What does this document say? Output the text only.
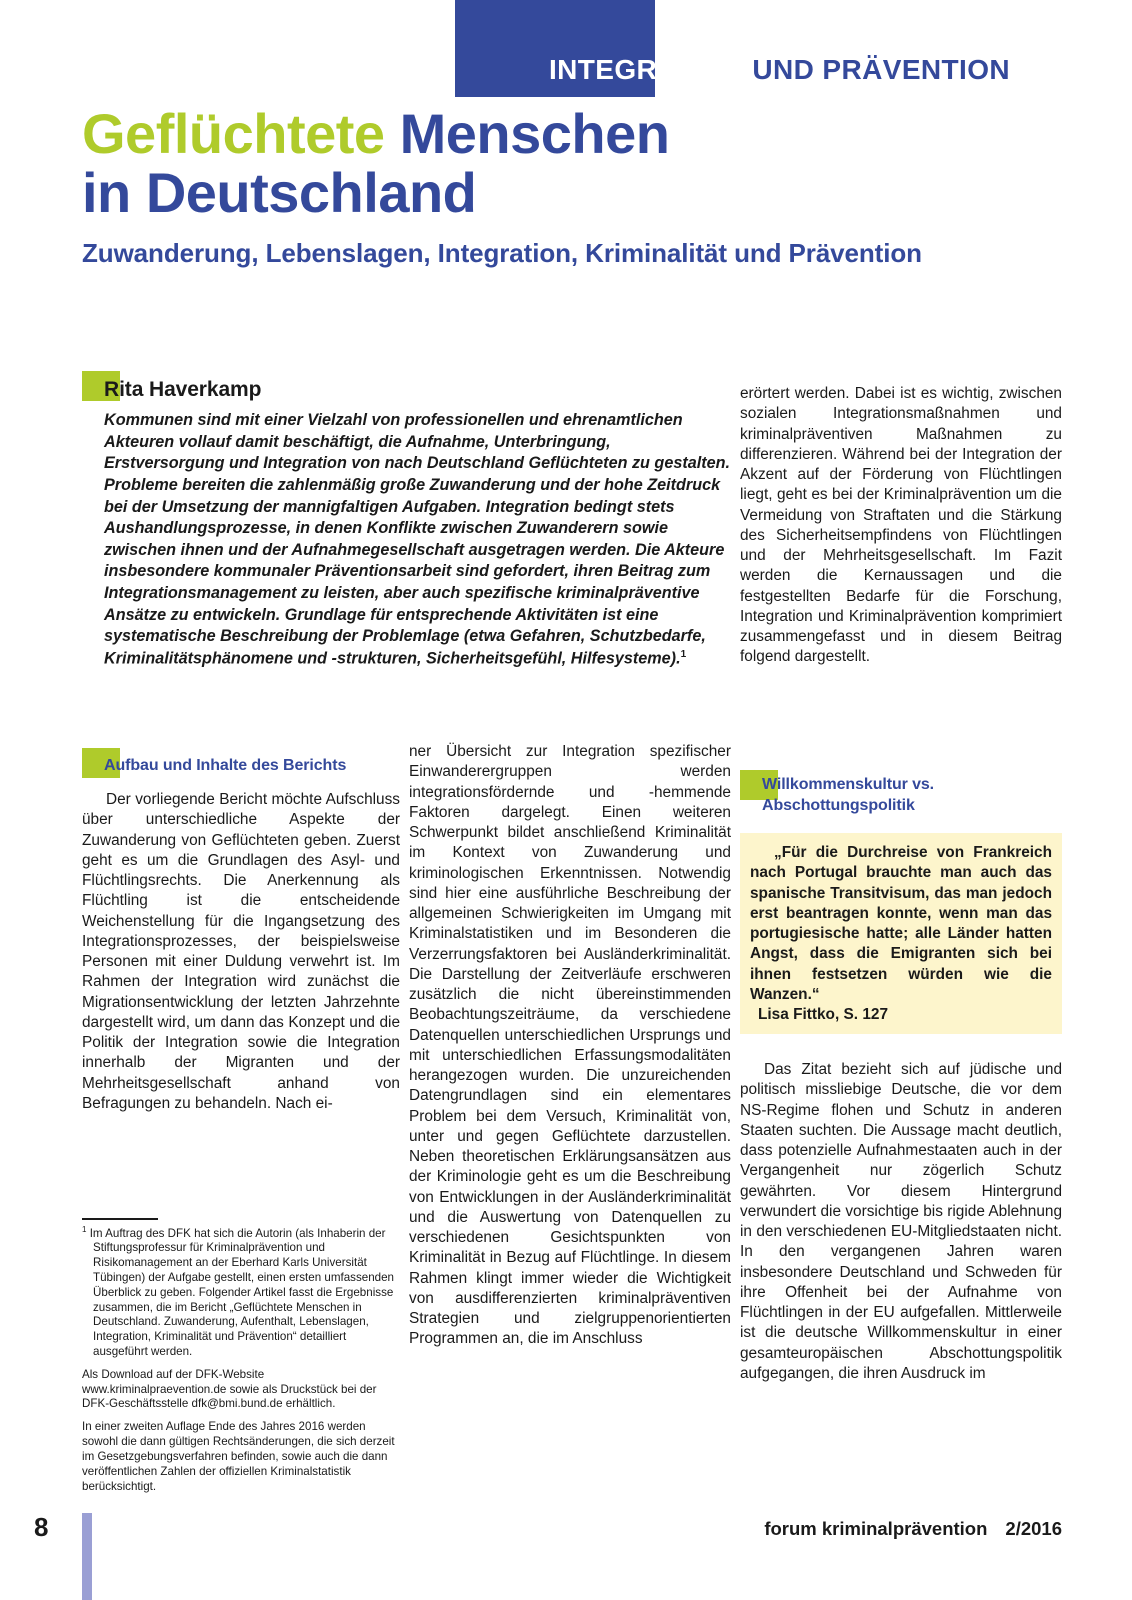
INTEGRATION UND PRÄVENTION
Geflüchtete Menschen
in Deutschland
Zuwanderung, Lebenslagen, Integration, Kriminalität und Prävention
Rita Haverkamp
Kommunen sind mit einer Vielzahl von professionellen und ehrenamtlichen Akteuren vollauf damit beschäftigt, die Aufnahme, Unterbringung, Erstversorgung und Integration von nach Deutschland Geflüchteten zu gestalten. Probleme bereiten die zahlenmäßig große Zuwanderung und der hohe Zeitdruck bei der Umsetzung der mannigfaltigen Aufgaben. Integration bedingt stets Aushandlungsprozesse, in denen Konflikte zwischen Zuwanderern sowie zwischen ihnen und der Aufnahmegesellschaft ausgetragen werden. Die Akteure insbesondere kommunaler Präventionsarbeit sind gefordert, ihren Beitrag zum Integrationsmanagement zu leisten, aber auch spezifische kriminalpräventive Ansätze zu entwickeln. Grundlage für entsprechende Aktivitäten ist eine systematische Beschreibung der Problemlage (etwa Gefahren, Schutzbedarfe, Kriminalitätsphänomene und -strukturen, Sicherheitsgefühl, Hilfesysteme).$^1$
Aufbau und Inhalte des Berichts

Der vorliegende Bericht möchte Aufschluss über unterschiedliche Aspekte der Zuwanderung von Geflüchteten geben. Zuerst geht es um die Grundlagen des Asyl- und Flüchtlingsrechts. Die Anerkennung als Flüchtling ist die entscheidende Weichenstellung für die Ingangsetzung des Integrationsprozesses, der beispielsweise Personen mit einer Duldung verwehrt ist. Im Rahmen der Integration wird zunächst die Migrationsentwicklung der letzten Jahrzehnte dargestellt wird, um dann das Konzept und die Politik der Integration sowie die Integration innerhalb der Migranten und der Mehrheitsgesellschaft anhand von Befragungen zu behandeln. Nach ei-

$^1$ Im Auftrag des DFK hat sich die Autorin (als Inhaberin der Stiftungsprofessur für Kriminalprävention und Risikomanagement an der Eberhard Karls Universität Tübingen) der Aufgabe gestellt, einen ersten umfassenden Überblick zu geben. Folgender Artikel fasst die Ergebnisse zusammen, die im Bericht „Geflüchtete Menschen in Deutschland. Zuwanderung, Aufenthalt, Lebenslagen, Integration, Kriminalität und Prävention“ detailliert ausgeführt werden.

Als Download auf der DFK-Website www.kriminalpraevention.de sowie als Druckstück bei der DFK-Geschäftsstelle dfk@bmi.bund.de erhältlich.

In einer zweiten Auflage Ende des Jahres 2016 werden sowohl die dann gültigen Rechtsänderungen, die sich derzeit im Gesetzgebungsverfahren befinden, sowie auch die dann veröffentlichen Zahlen der offiziellen Kriminalstatistik berücksichtigt.

ner Übersicht zur Integration spezifischer Einwanderergruppen werden integrationsfördernde und -hemmende Faktoren dargelegt. Einen weiteren Schwerpunkt bildet anschließend Kriminalität im Kontext von Zuwanderung und kriminologischen Erkenntnissen. Notwendig sind hier eine ausführliche Beschreibung der allgemeinen Schwierigkeiten im Umgang mit Kriminalstatistiken und im Besonderen die Verzerrungsfaktoren bei Ausländerkriminalität. Die Darstellung der Zeitverläufe erschweren zusätzlich die nicht übereinstimmenden Beobachtungszeiträume, da verschiedene Datenquellen unterschiedlichen Ursprungs und mit unterschiedlichen Erfassungsmodalitäten herangezogen wurden. Die unzureichenden Datengrundlagen sind ein elementares Problem bei dem Versuch, Kriminalität von, unter und gegen Geflüchtete darzustellen. Neben theoretischen Erklärungsansätzen aus der Kriminologie geht es um die Beschreibung von Entwicklungen in der Ausländerkriminalität und die Auswertung von Datenquellen zu verschiedenen Gesichtspunkten von Kriminalität in Bezug auf Flüchtlinge. In diesem Rahmen klingt immer wieder die Wichtigkeit von ausdifferenzierten kriminalpräventiven Strategien und zielgruppenorientierten Programmen an, die im Anschluss

erörtert werden. Dabei ist es wichtig, zwischen sozialen Integrationsmaßnahmen und kriminalpräventiven Maßnahmen zu differenzieren. Während bei der Integration der Akzent auf der Förderung von Flüchtlingen liegt, geht es bei der Kriminalprävention um die Vermeidung von Straftaten und die Stärkung des Sicherheitsempfindens von Flüchtlingen und der Mehrheitsgesellschaft. Im Fazit werden die Kernaussagen und die festgestellten Bedarfe für die Forschung, Integration und Kriminalprävention komprimiert zusammengefasst und in diesem Beitrag folgend dargestellt.

Willkommenskultur vs. Abschottungspolitik

„Für die Durchreise von Frankreich nach Portugal brauchte man auch das spanische Transitvisum, das man jedoch erst beantragen konnte, wenn man das portugiesische hatte; alle Länder hatten Angst, dass die Emigranten sich bei ihnen festsetzen würden wie die Wanzen.“

Lisa Fittko, S. 127

Das Zitat bezieht sich auf jüdische und politisch missliebige Deutsche, die vor dem NS-Regime flohen und Schutz in anderen Staaten suchten. Die Aussage macht deutlich, dass potenzielle Aufnahmestaaten auch in der Vergangenheit nur zögerlich Schutz gewährten. Vor diesem Hintergrund verwundert die vorsichtige bis rigide Ablehnung in den verschiedenen EU-Mitgliedstaaten nicht. In den vergangenen Jahren waren insbesondere Deutschland und Schweden für ihre Offenheit bei der Aufnahme von Flüchtlingen in der EU aufgefallen. Mittlerweile ist die deutsche Willkommenskultur in einer gesamteuropäischen Abschottungspolitik aufgegangen, die ihren Ausdruck im

8	forum kriminalprävention 2/2016
